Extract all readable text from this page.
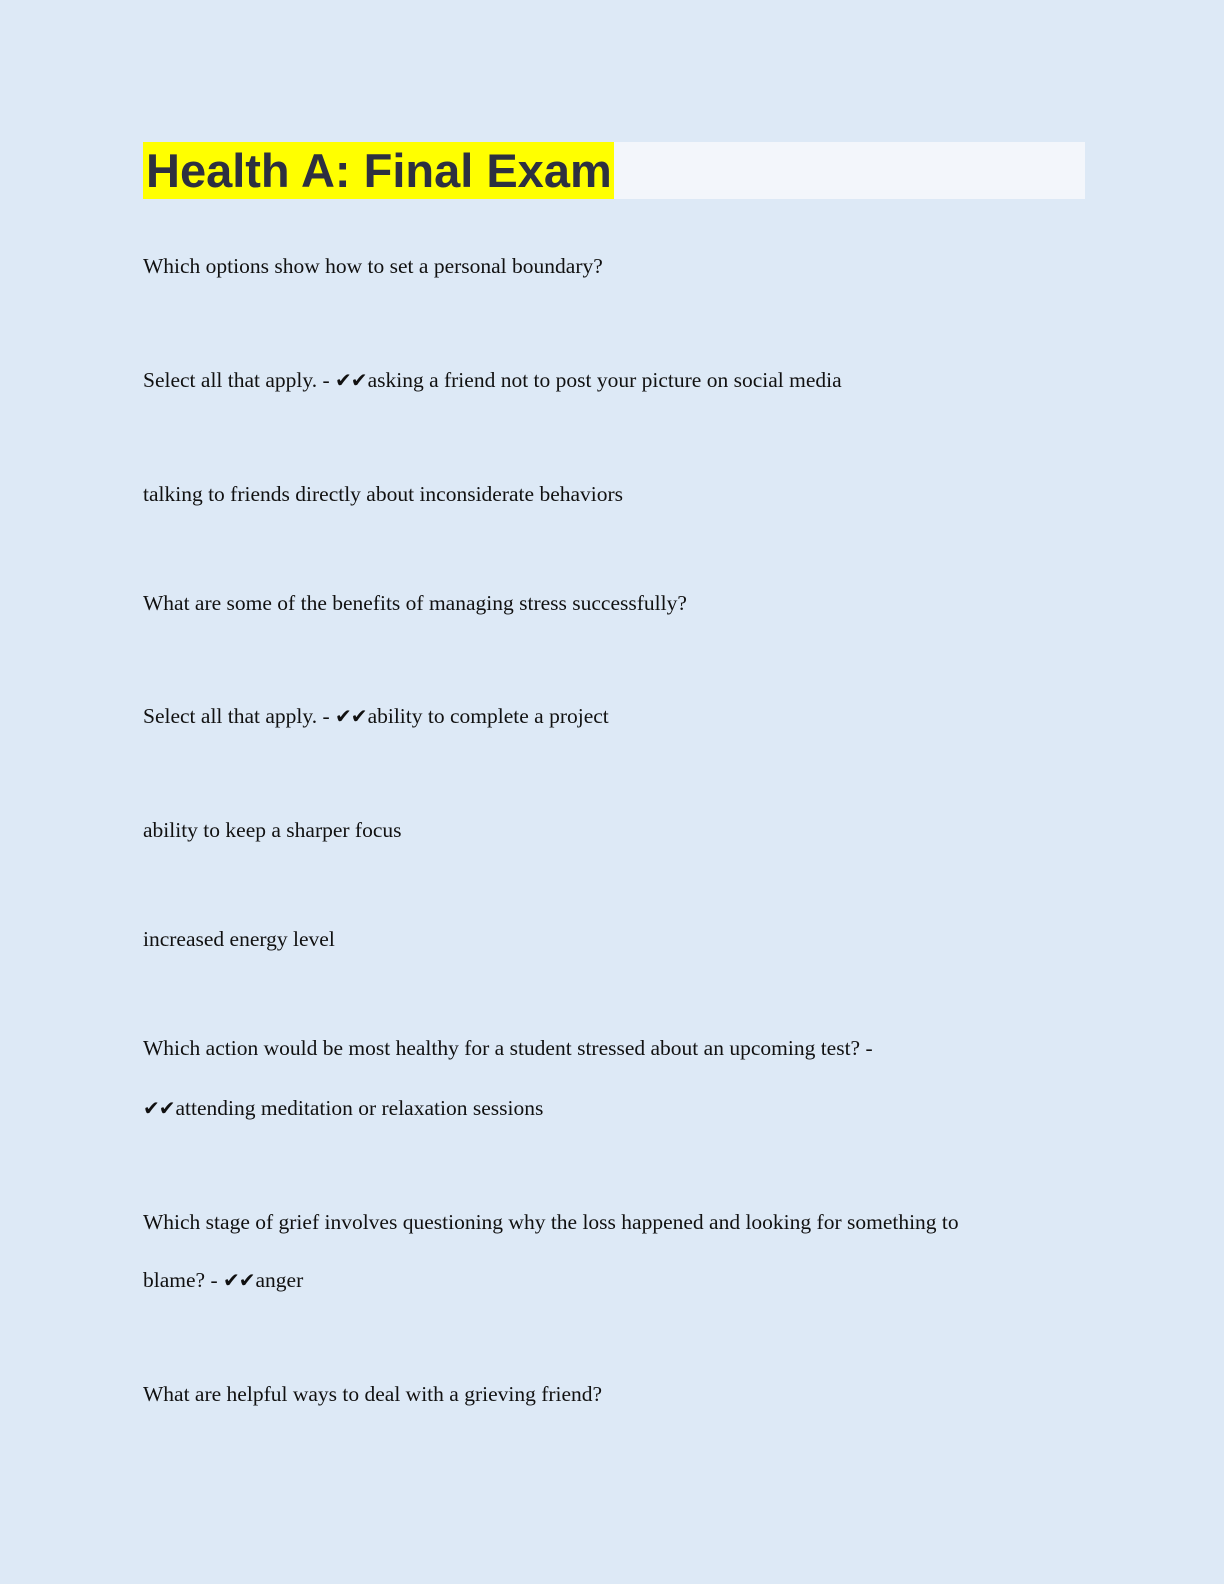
Health A: Final Exam
Which options show how to set a personal boundary?
Select all that apply. - ✔✔asking a friend not to post your picture on social media
talking to friends directly about inconsiderate behaviors
What are some of the benefits of managing stress successfully?
Select all that apply. - ✔✔ability to complete a project
ability to keep a sharper focus
increased energy level
Which action would be most healthy for a student stressed about an upcoming test? -
✔✔attending meditation or relaxation sessions
Which stage of grief involves questioning why the loss happened and looking for something to
blame? - ✔✔anger
What are helpful ways to deal with a grieving friend?
